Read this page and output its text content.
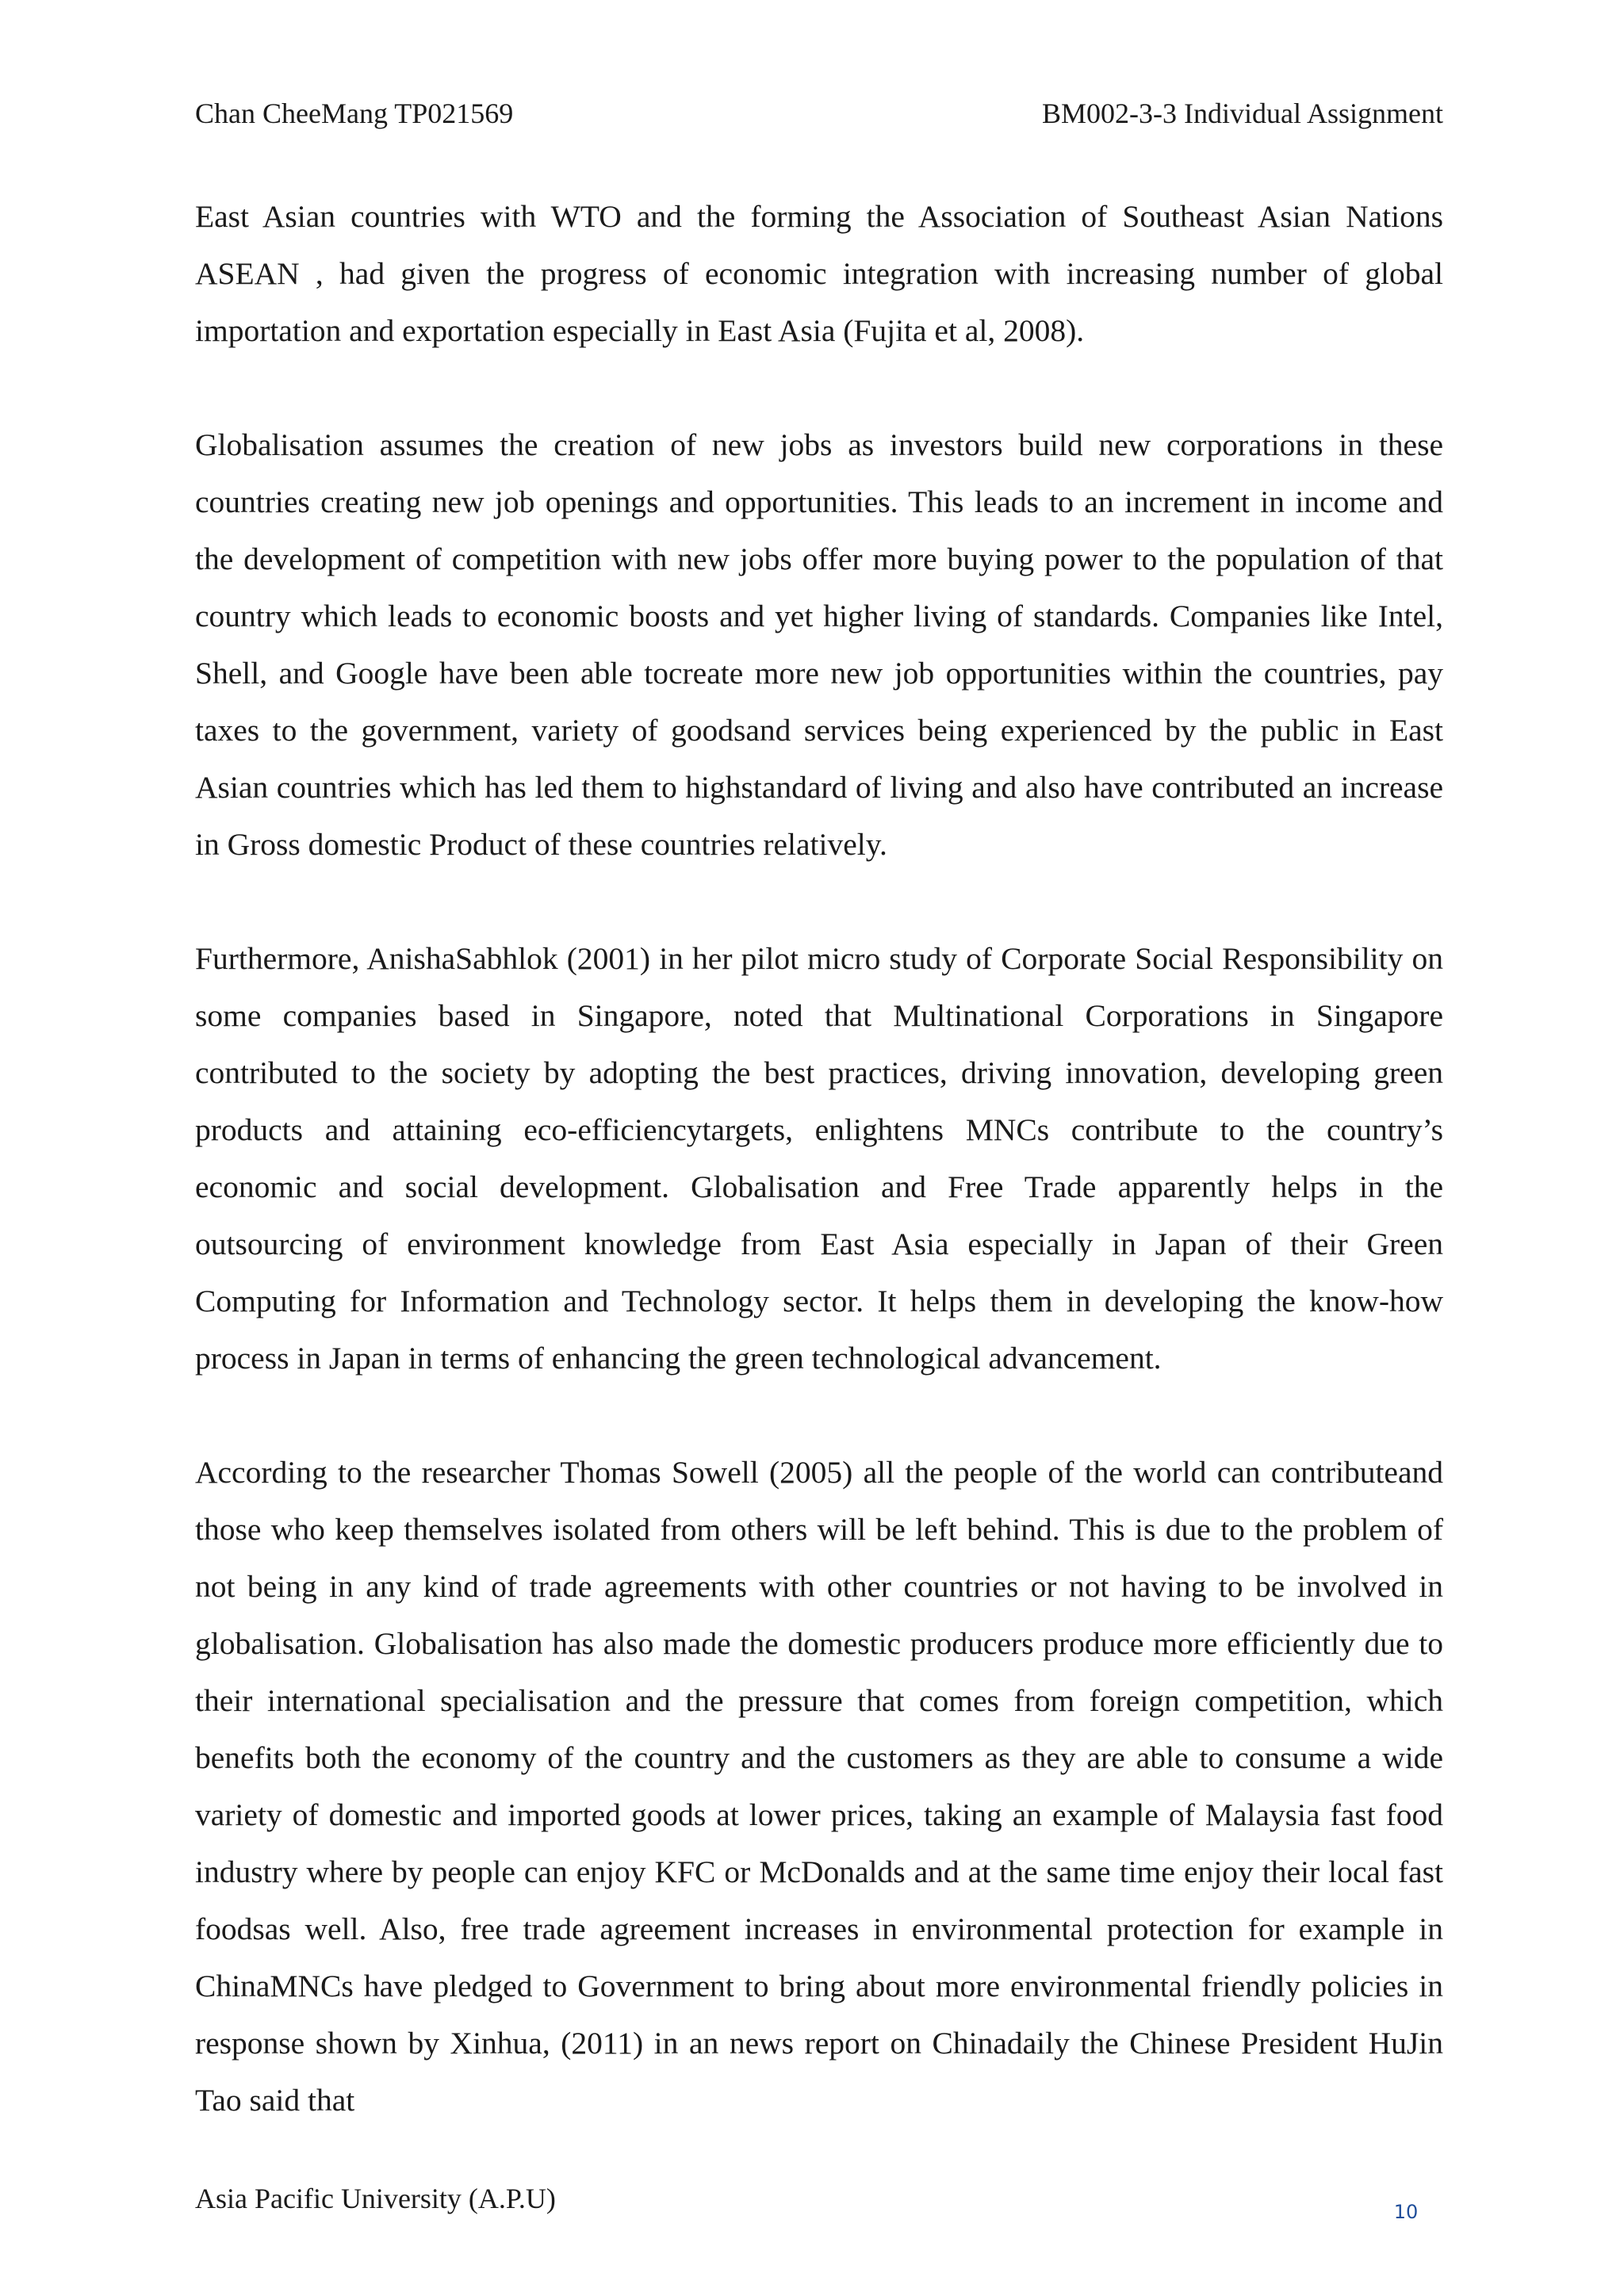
Chan CheeMang TP021569	BM002-3-3 Individual Assignment

East Asian countries with WTO and the forming the Association of Southeast Asian Nations ASEAN , had given the progress of economic integration with increasing number of global importation and exportation especially in East Asia (Fujita et al, 2008).

Globalisation assumes the creation of new jobs as investors build new corporations in these countries creating new job openings and opportunities. This leads to an increment in income and the development of competition with new jobs offer more buying power to the population of that country which leads to economic boosts and yet higher living of standards. Companies like Intel, Shell, and Google have been able tocreate more new job opportunities within the countries, pay taxes to the government, variety of goodsand services being experienced by the public in East Asian countries which has led them to highstandard of living and also have contributed an increase in Gross domestic Product of these countries relatively.

Furthermore, AnishaSabhlok (2001) in her pilot micro study of Corporate Social Responsibility on some companies based in Singapore, noted that Multinational Corporations in Singapore contributed to the society by adopting the best practices, driving innovation, developing green products and attaining eco-efficiencytargets, enlightens MNCs contribute to the country’s economic and social development. Globalisation and Free Trade apparently helps in the outsourcing of environment knowledge from East Asia especially in Japan of their Green Computing for Information and Technology sector. It helps them in developing the know-how process in Japan in terms of enhancing the green technological advancement.

According to the researcher Thomas Sowell (2005) all the people of the world can contributeand those who keep themselves isolated from others will be left behind. This is due to the problem of not being in any kind of trade agreements with other countries or not having to be involved in globalisation. Globalisation has also made the domestic producers produce more efficiently due to their international specialisation and the pressure that comes from foreign competition, which benefits both the economy of the country and the customers as they are able to consume a wide variety of domestic and imported goods at lower prices, taking an example of Malaysia fast food industry where by people can enjoy KFC or McDonalds and at the same time enjoy their local fast foodsas well. Also, free trade agreement increases in environmental protection for example in ChinaMNCs have pledged to Government to bring about more environmental friendly policies in response shown by Xinhua, (2011) in an news report on Chinadaily the Chinese President HuJin Tao said that

Asia Pacific University (A.P.U)	10
